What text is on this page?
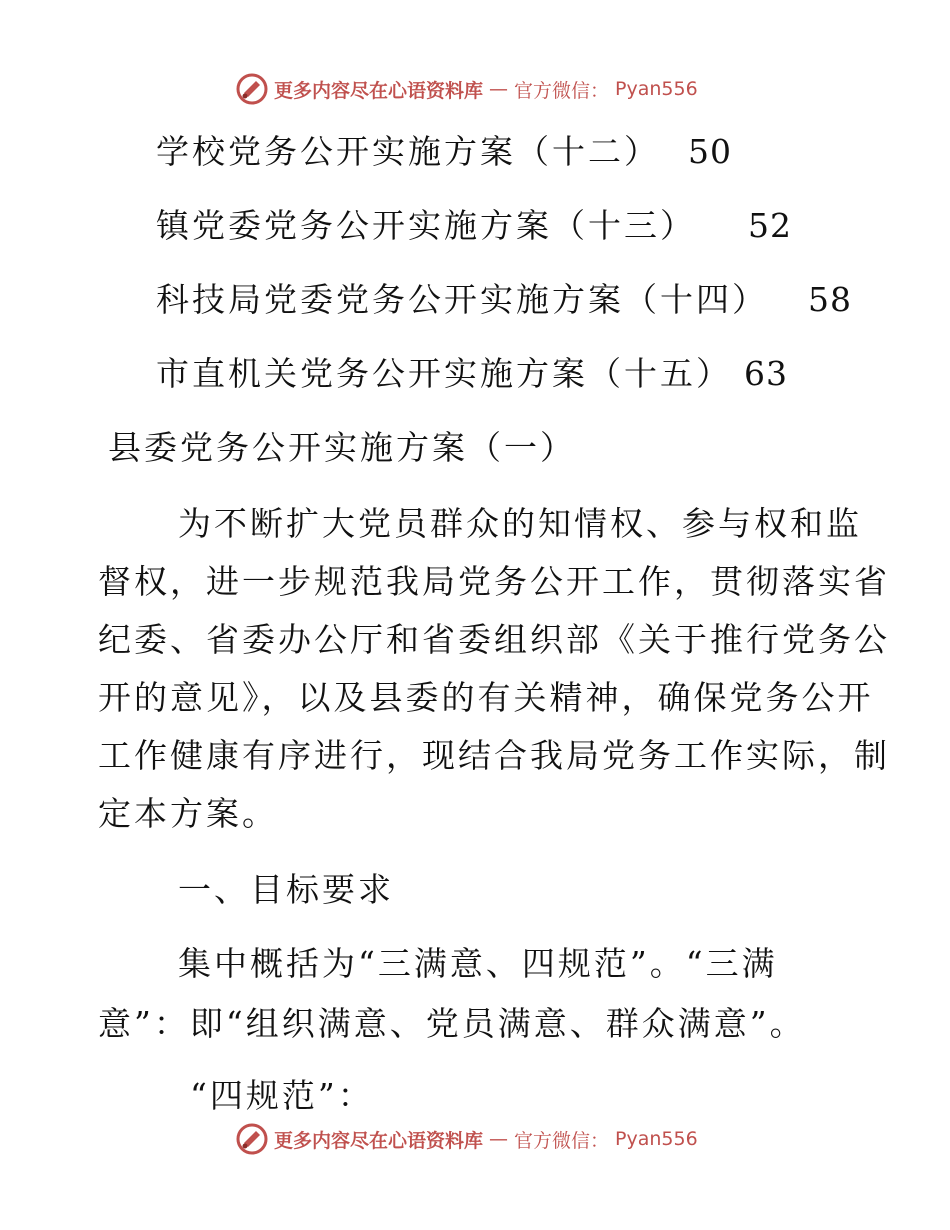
更多内容尽在心语资料库 — 官方微信： Pyan556
学校党务公开实施方案（十二） 50
镇党委党务公开实施方案（十三） 52
科技局党委党务公开实施方案（十四） 58
市直机关党务公开实施方案（十五） 63
县委党务公开实施方案（一）
为不断扩大党员群众的知情权、参与权和监
督权，进一步规范我局党务公开工作，贯彻落实省
纪委、省委办公厅和省委组织部《关于推行党务公
开的意见》，以及县委的有关精神，确保党务公开
工作健康有序进行，现结合我局党务工作实际，制
定本方案。
一、目标要求
集中概括为“三满意、四规范”。“三满
意”：即“组织满意、党员满意、群众满意”。
“四规范”：
更多内容尽在心语资料库 — 官方微信： Pyan556
